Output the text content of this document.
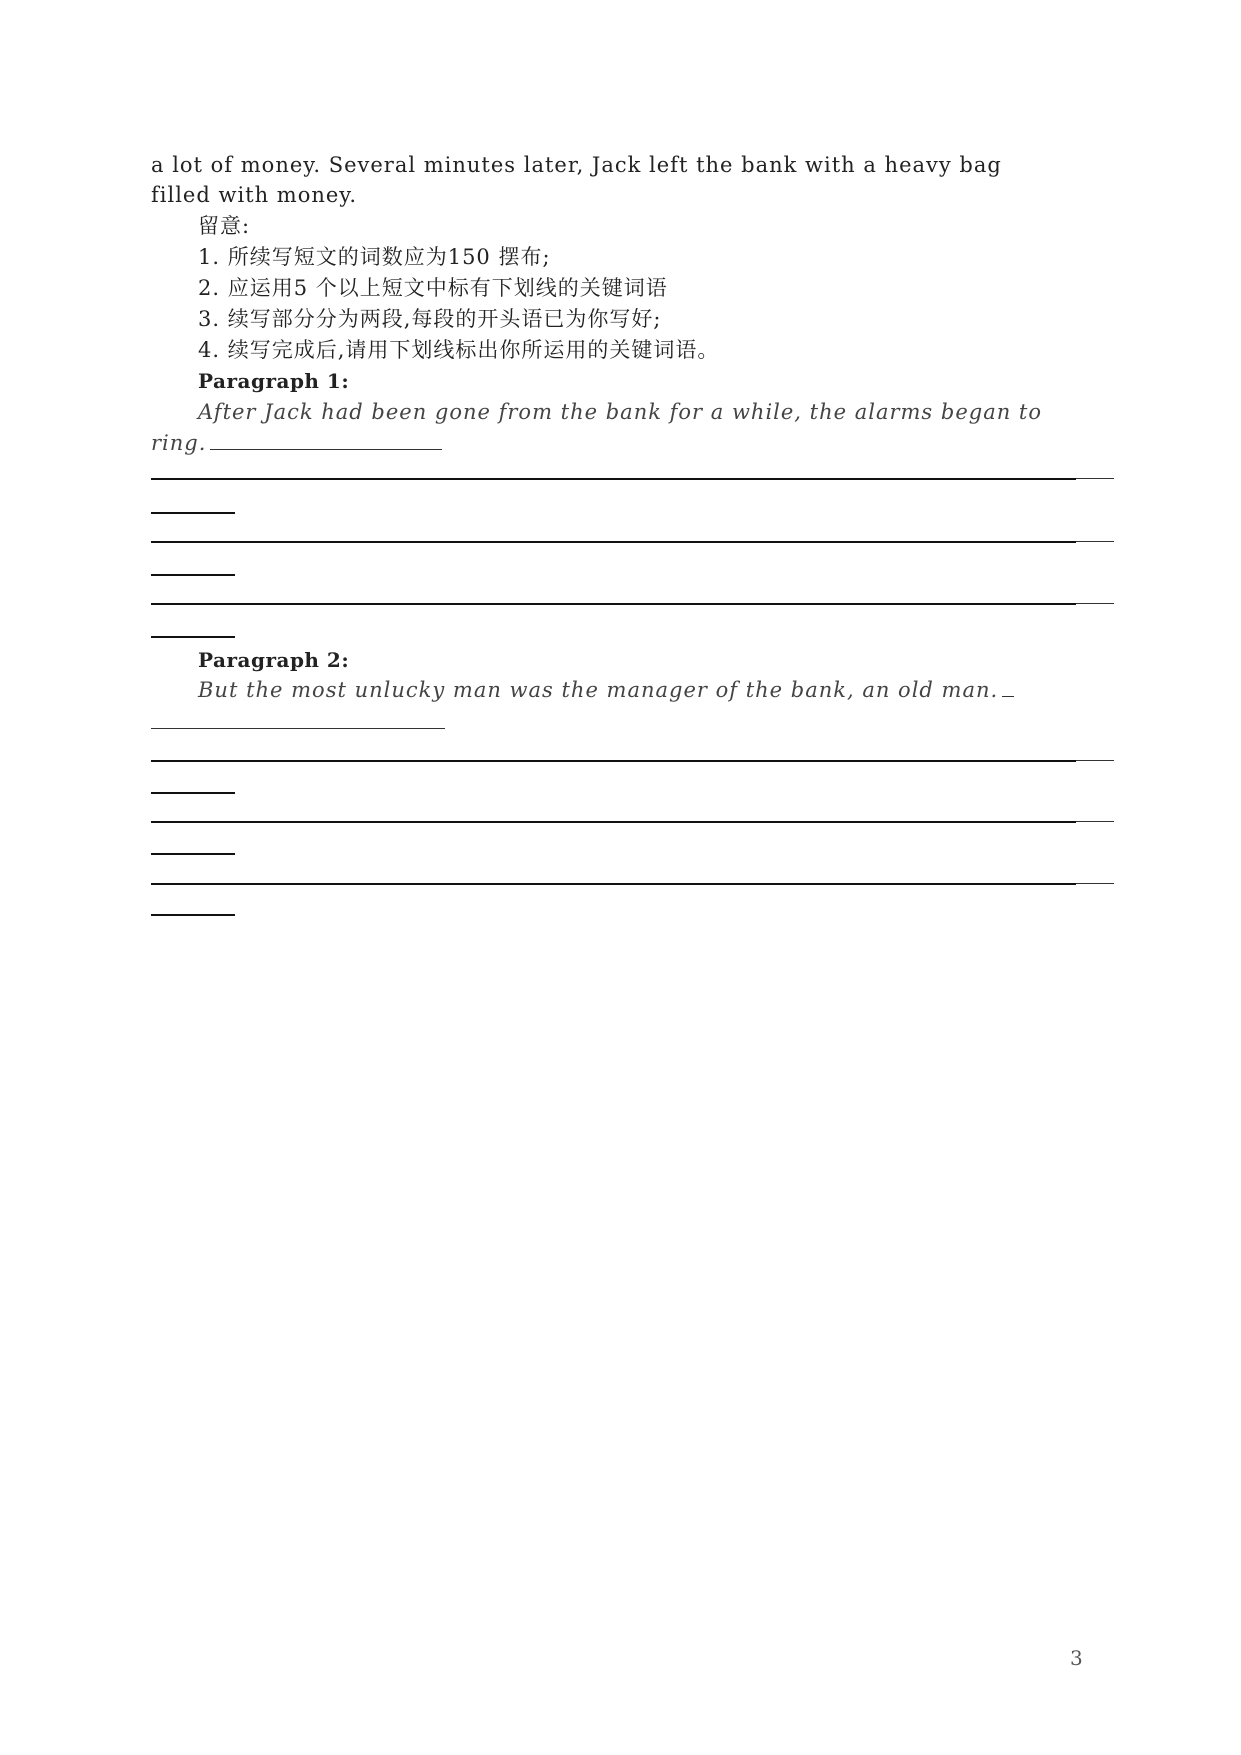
a lot of money. Several minutes later, Jack left the bank with a heavy bag
filled with money.
留意:
1. 所续写短文的词数应为150 摆布;
2. 应运用5 个以上短文中标有下划线的关键词语
3. 续写部分分为两段,每段的开头语已为你写好;
4. 续写完成后,请用下划线标出你所运用的关键词语。
Paragraph 1:
After Jack had been gone from the bank for a while, the alarms began to
ring.
Paragraph 2:
But the most unlucky man was the manager of the bank, an old man.
3
